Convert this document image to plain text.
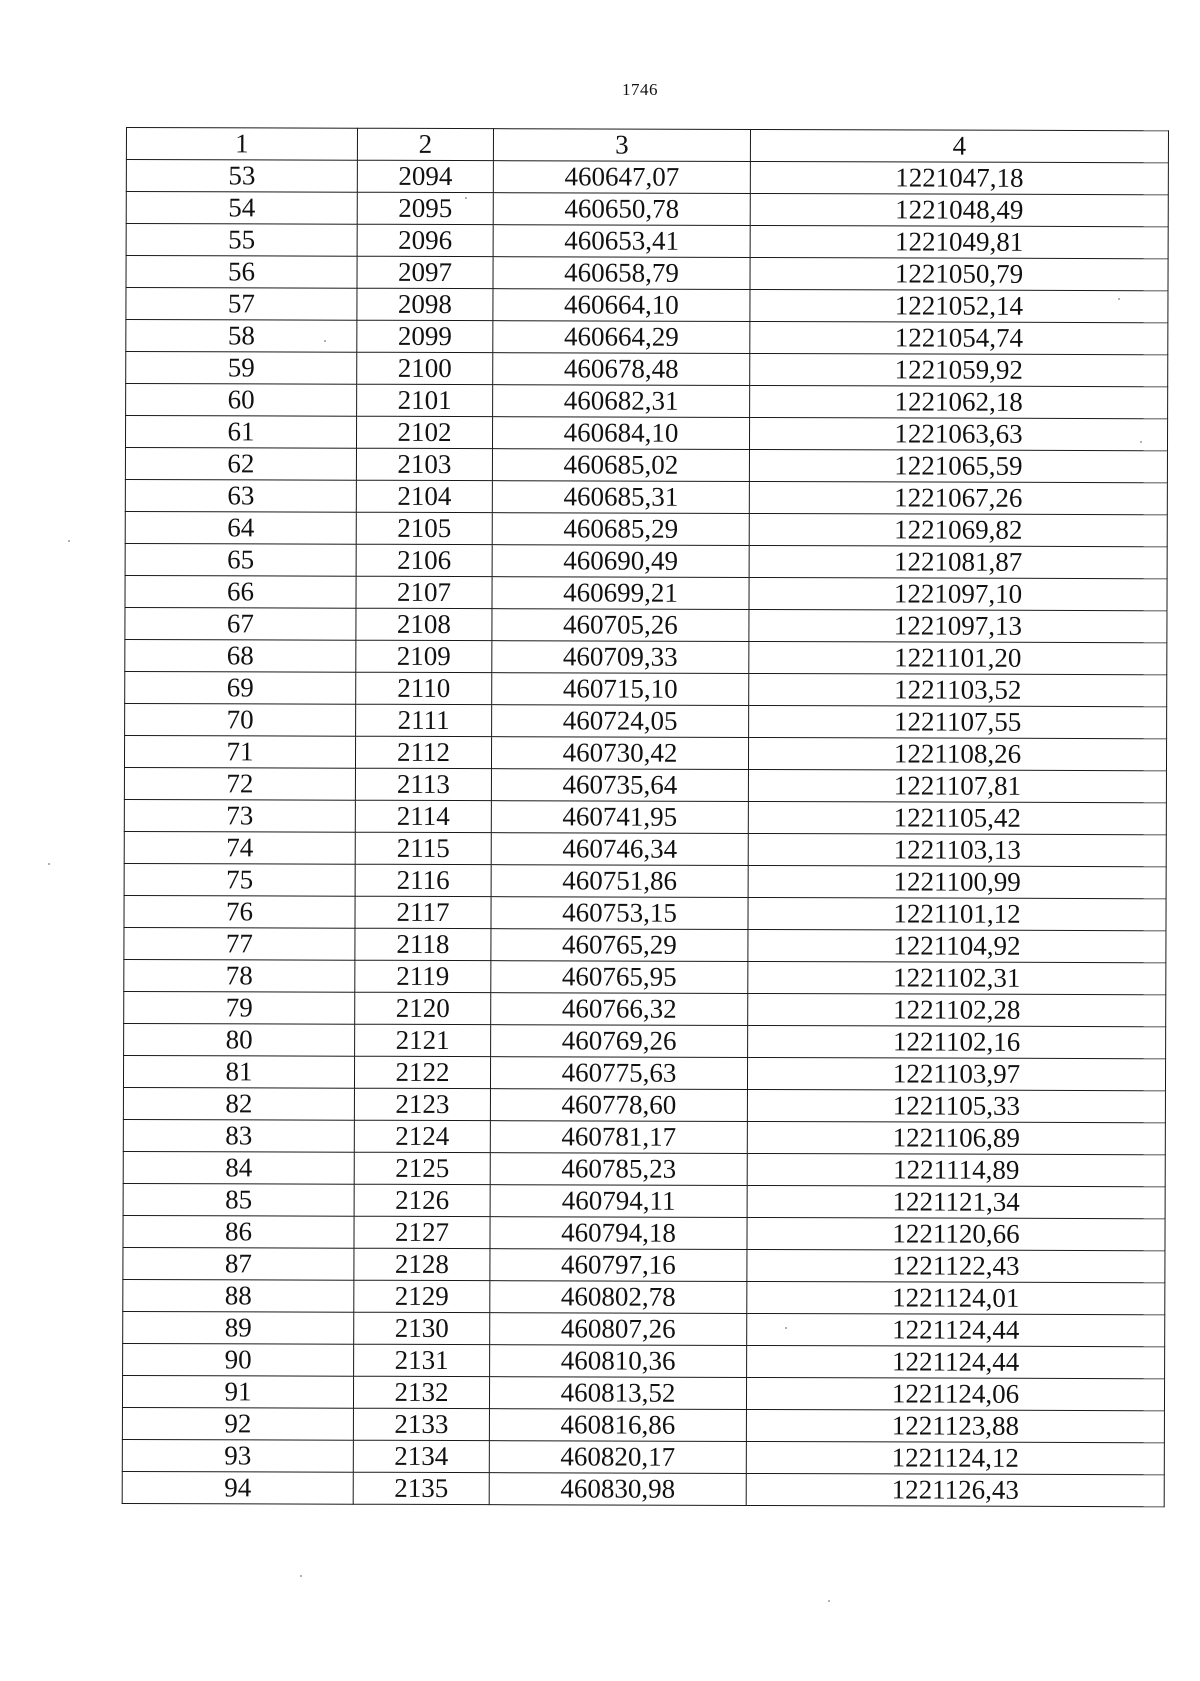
1746
1	2	3	4
53	2094	460647,07	1221047,18
54	2095	460650,78	1221048,49
55	2096	460653,41	1221049,81
56	2097	460658,79	1221050,79
57	2098	460664,10	1221052,14
58	2099	460664,29	1221054,74
59	2100	460678,48	1221059,92
60	2101	460682,31	1221062,18
61	2102	460684,10	1221063,63
62	2103	460685,02	1221065,59
63	2104	460685,31	1221067,26
64	2105	460685,29	1221069,82
65	2106	460690,49	1221081,87
66	2107	460699,21	1221097,10
67	2108	460705,26	1221097,13
68	2109	460709,33	1221101,20
69	2110	460715,10	1221103,52
70	2111	460724,05	1221107,55
71	2112	460730,42	1221108,26
72	2113	460735,64	1221107,81
73	2114	460741,95	1221105,42
74	2115	460746,34	1221103,13
75	2116	460751,86	1221100,99
76	2117	460753,15	1221101,12
77	2118	460765,29	1221104,92
78	2119	460765,95	1221102,31
79	2120	460766,32	1221102,28
80	2121	460769,26	1221102,16
81	2122	460775,63	1221103,97
82	2123	460778,60	1221105,33
83	2124	460781,17	1221106,89
84	2125	460785,23	1221114,89
85	2126	460794,11	1221121,34
86	2127	460794,18	1221120,66
87	2128	460797,16	1221122,43
88	2129	460802,78	1221124,01
89	2130	460807,26	1221124,44
90	2131	460810,36	1221124,44
91	2132	460813,52	1221124,06
92	2133	460816,86	1221123,88
93	2134	460820,17	1221124,12
94	2135	460830,98	1221126,43
